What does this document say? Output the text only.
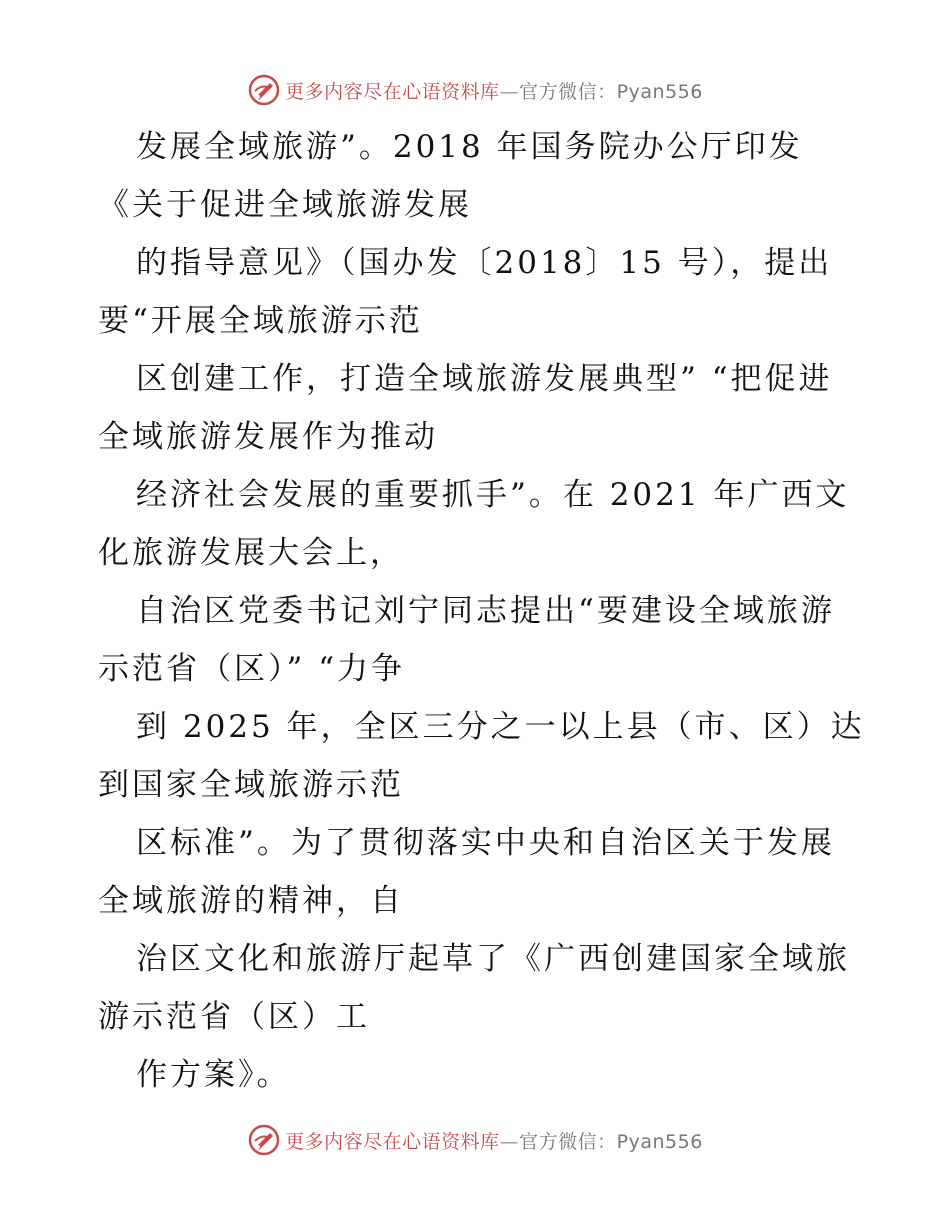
更多内容尽在心语资料库—官方微信：Pyan556
发展全域旅游”。2018 年国务院办公厅印发
《关于促进全域旅游发展
的指导意见》（国办发〔2018〕15 号），提出
要“开展全域旅游示范
区创建工作，打造全域旅游发展典型” “把促进
全域旅游发展作为推动
经济社会发展的重要抓手”。在 2021 年广西文
化旅游发展大会上，
自治区党委书记刘宁同志提出“要建设全域旅游
示范省（区）” “力争
到 2025 年，全区三分之一以上县（市、区）达
到国家全域旅游示范
区标准”。为了贯彻落实中央和自治区关于发展
全域旅游的精神，自
治区文化和旅游厅起草了《广西创建国家全域旅
游示范省（区）工
作方案》。
更多内容尽在心语资料库—官方微信：Pyan556
